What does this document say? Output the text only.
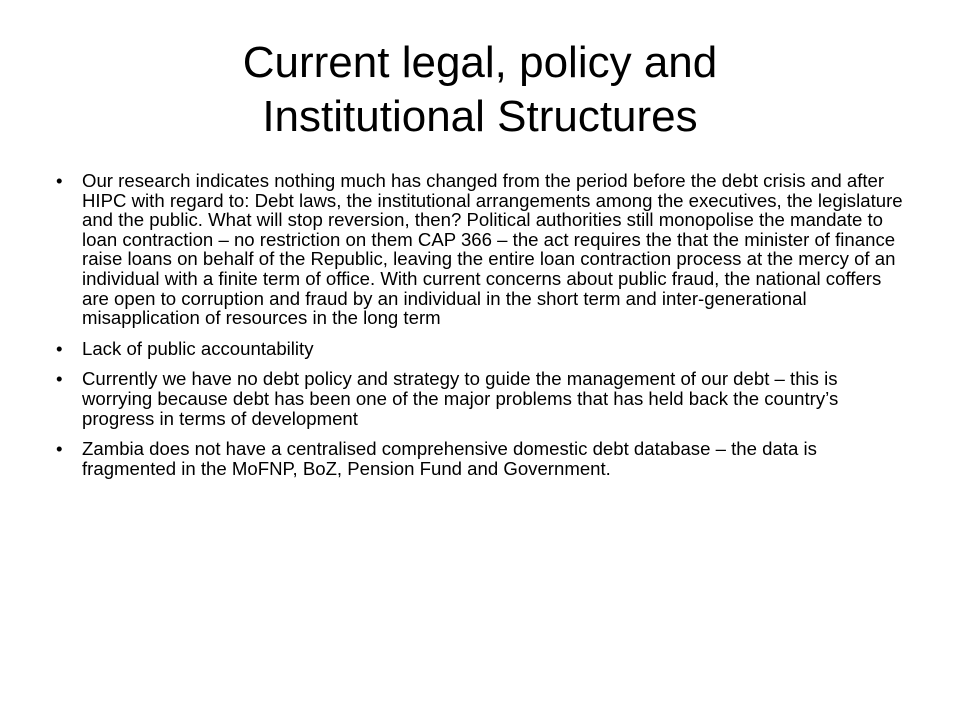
Current legal, policy and
Institutional Structures
• Our research indicates nothing much has changed from the period before the debt crisis and after HIPC with regard to: Debt laws, the institutional arrangements among the executives, the legislature and the public. What will stop reversion, then? Political authorities still monopolise the mandate to loan contraction – no restriction on them CAP 366 – the act requires the that the minister of finance raise loans on behalf of the Republic, leaving the entire loan contraction process at the mercy of an individual with a finite term of office. With current concerns about public fraud, the national coffers are open to corruption and fraud by an individual in the short term and inter-generational misapplication of resources in the long term
• Lack of public accountability
• Currently we have no debt policy and strategy to guide the management of our debt – this is worrying because debt has been one of the major problems that has held back the country’s progress in terms of development
• Zambia does not have a centralised comprehensive domestic debt database – the data is fragmented in the MoFNP, BoZ, Pension Fund and Government.
